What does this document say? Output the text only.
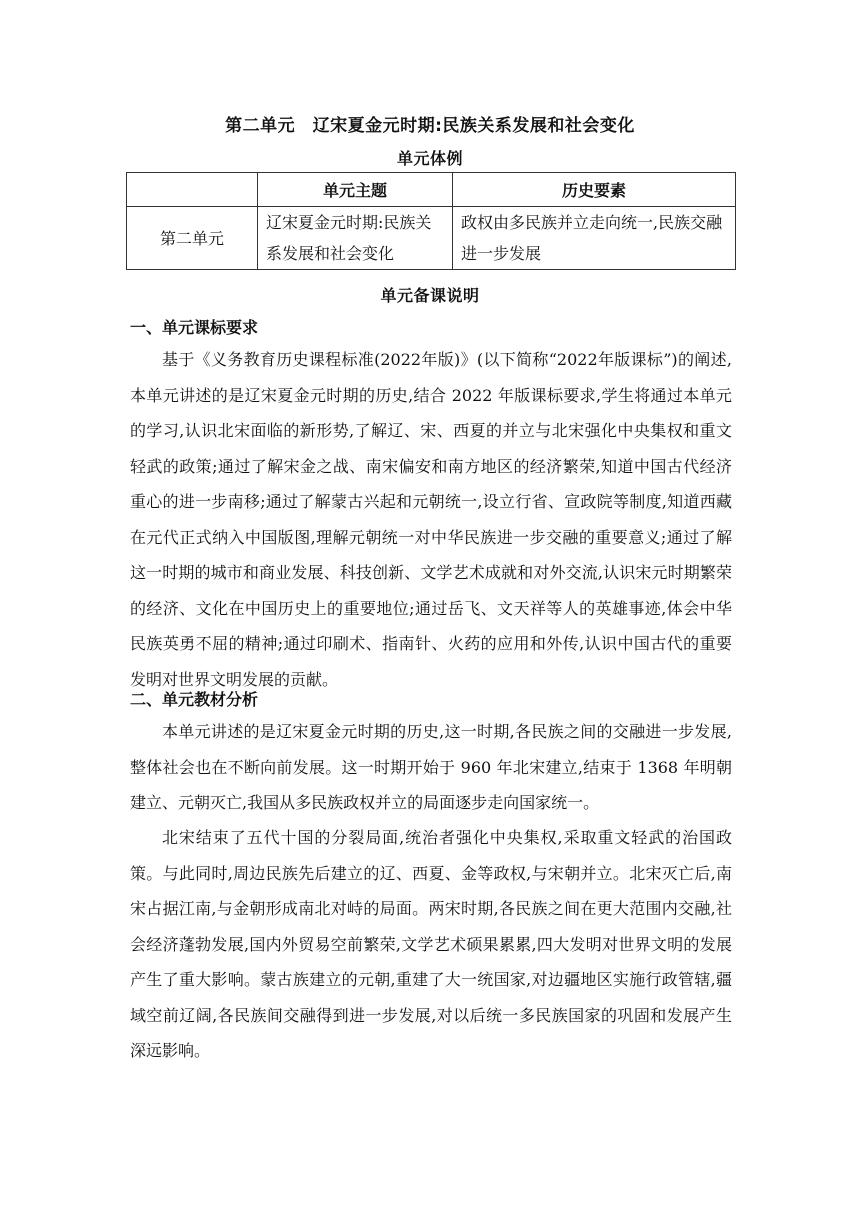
第二单元　辽宋夏金元时期:民族关系发展和社会变化
单元体例
	单元主题	历史要素
第二单元	辽宋夏金元时期:民族关系发展和社会变化	政权由多民族并立走向统一,民族交融进一步发展
单元备课说明
一、单元课标要求

基于《义务教育历史课程标准(2022年版)》(以下简称“2022年版课标”)的阐述,本单元讲述的是辽宋夏金元时期的历史,结合 2022 年版课标要求,学生将通过本单元的学习,认识北宋面临的新形势,了解辽、宋、西夏的并立与北宋强化中央集权和重文轻武的政策;通过了解宋金之战、南宋偏安和南方地区的经济繁荣,知道中国古代经济重心的进一步南移;通过了解蒙古兴起和元朝统一,设立行省、宣政院等制度,知道西藏在元代正式纳入中国版图,理解元朝统一对中华民族进一步交融的重要意义;通过了解这一时期的城市和商业发展、科技创新、文学艺术成就和对外交流,认识宋元时期繁荣的经济、文化在中国历史上的重要地位;通过岳飞、文天祥等人的英雄事迹,体会中华民族英勇不屈的精神;通过印刷术、指南针、火药的应用和外传,认识中国古代的重要发明对世界文明发展的贡献。

二、单元教材分析

本单元讲述的是辽宋夏金元时期的历史,这一时期,各民族之间的交融进一步发展,整体社会也在不断向前发展。这一时期开始于 960 年北宋建立,结束于 1368 年明朝建立、元朝灭亡,我国从多民族政权并立的局面逐步走向国家统一。

北宋结束了五代十国的分裂局面,统治者强化中央集权,采取重文轻武的治国政策。与此同时,周边民族先后建立的辽、西夏、金等政权,与宋朝并立。北宋灭亡后,南宋占据江南,与金朝形成南北对峙的局面。两宋时期,各民族之间在更大范围内交融,社会经济蓬勃发展,国内外贸易空前繁荣,文学艺术硕果累累,四大发明对世界文明的发展产生了重大影响。蒙古族建立的元朝,重建了大一统国家,对边疆地区实施行政管辖,疆域空前辽阔,各民族间交融得到进一步发展,对以后统一多民族国家的巩固和发展产生深远影响。
